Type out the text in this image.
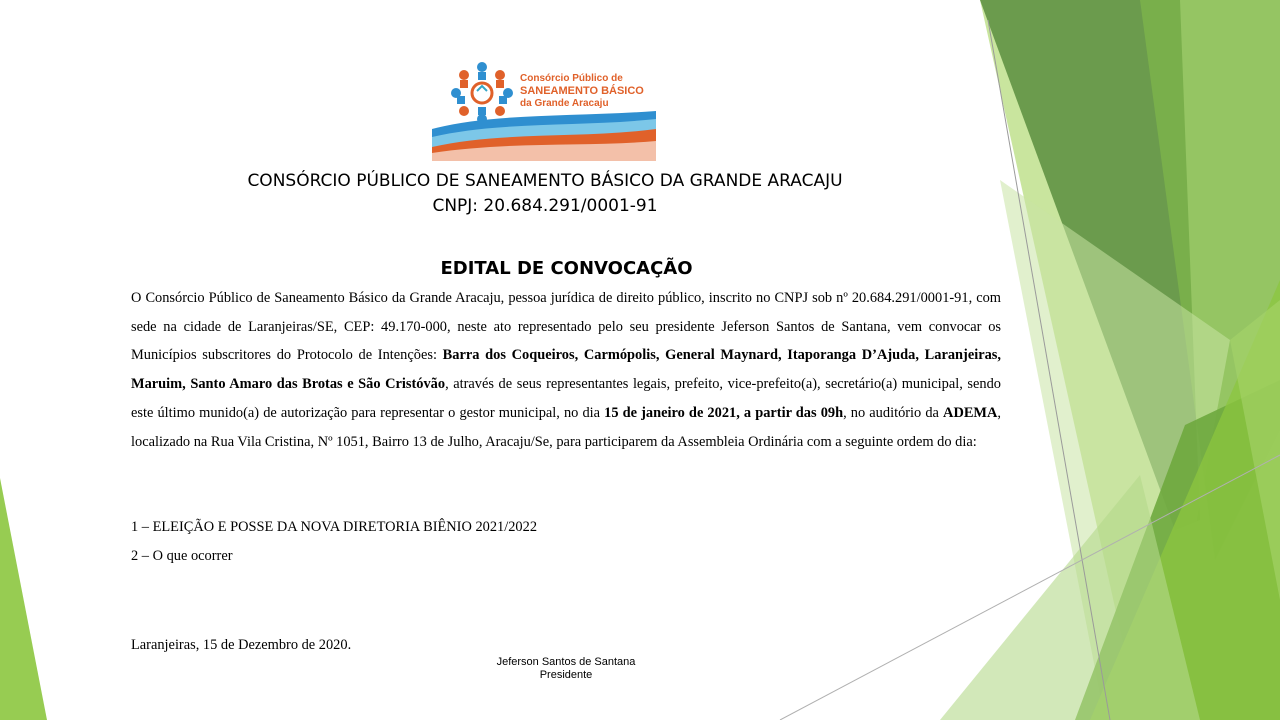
Consórcio Público de
SANEAMENTO BÁSICO
da Grande Aracaju
CONSÓRCIO PÚBLICO DE SANEAMENTO BÁSICO DA GRANDE ARACAJU
CNPJ: 20.684.291/0001-91
EDITAL DE CONVOCAÇÃO
O Consórcio Público de Saneamento Básico da Grande Aracaju, pessoa jurídica de direito público, inscrito no CNPJ sob nº 20.684.291/0001-91, com sede na cidade de Laranjeiras/SE, CEP: 49.170-000, neste ato representado pelo seu presidente Jeferson Santos de Santana, vem convocar os Municípios subscritores do Protocolo de Intenções: Barra dos Coqueiros, Carmópolis, General Maynard, Itaporanga D’Ajuda, Laranjeiras, Maruim, Santo Amaro das Brotas e São Cristóvão, através de seus representantes legais, prefeito, vice-prefeito(a), secretário(a) municipal, sendo este último munido(a) de autorização para representar o gestor municipal, no dia 15 de janeiro de 2021, a partir das 09h, no auditório da ADEMA, localizado na Rua Vila Cristina, Nº 1051, Bairro 13 de Julho, Aracaju/Se, para participarem da Assembleia Ordinária com a seguinte ordem do dia:
1 – ELEIÇÃO E POSSE DA NOVA DIRETORIA BIÊNIO 2021/2022
2 – O que ocorrer
Laranjeiras, 15 de Dezembro de 2020.
Jeferson Santos de Santana
Presidente
